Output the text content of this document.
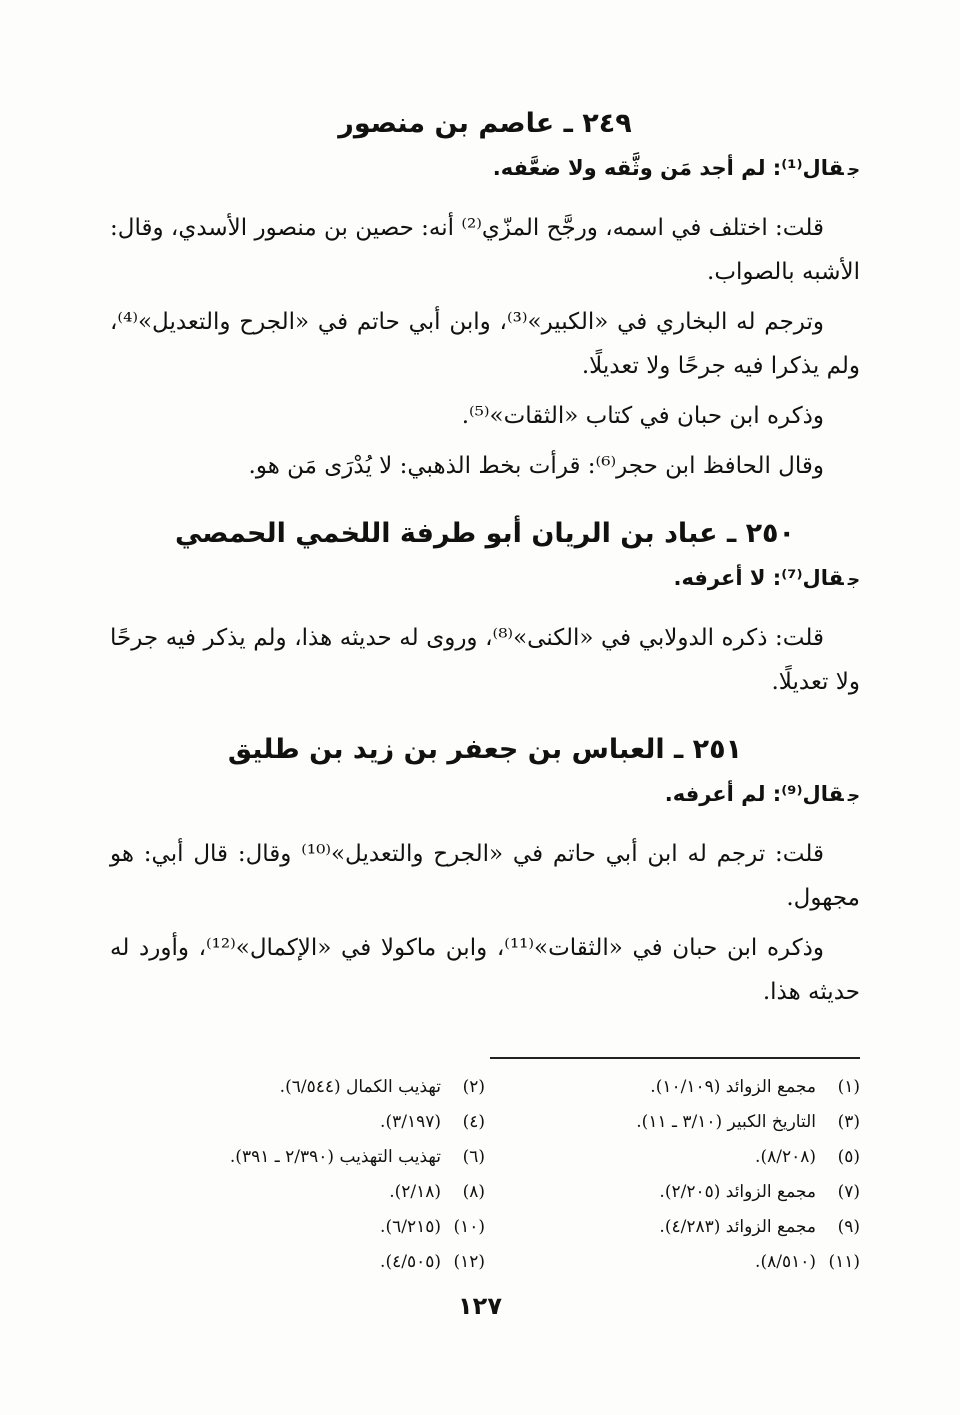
٢٤٩ ـ عاصم بن منصور

جقال⁽¹⁾: لم أجد مَن وثَّقه ولا ضعَّفه.

قلت: اختلف في اسمه، ورجَّح المزّي⁽²⁾ أنه: حصين بن منصور الأسدي، وقال: الأشبه بالصواب.

وترجم له البخاري في «الكبير»⁽³⁾، وابن أبي حاتم في «الجرح والتعديل»⁽⁴⁾، ولم يذكرا فيه جرحًا ولا تعديلًا.

وذكره ابن حبان في كتاب «الثقات»⁽⁵⁾.

وقال الحافظ ابن حجر⁽⁶⁾: قرأت بخط الذهبي: لا يُدْرَى مَن هو.

٢٥٠ ـ عباد بن الريان أبو طرفة اللخمي الحمصي

جقال⁽⁷⁾: لا أعرفه.

قلت: ذكره الدولابي في «الكنى»⁽⁸⁾، وروى له حديثه هذا، ولم يذكر فيه جرحًا ولا تعديلًا.

٢٥١ ـ العباس بن جعفر بن زيد بن طليق

جقال⁽⁹⁾: لم أعرفه.

قلت: ترجم له ابن أبي حاتم في «الجرح والتعديل»⁽¹⁰⁾ وقال: قال أبي: هو مجهول.

وذكره ابن حبان في «الثقات»⁽¹¹⁾، وابن ماكولا في «الإكمال»⁽¹²⁾، وأورد له حديثه هذا.

(١)مجمع الزوائد (١٠/١٠٩).
(٣)التاريخ الكبير (٣/١٠ ـ ١١).
(٥)(٨/٢٠٨).
(٧)مجمع الزوائد (٢/٢٠٥).
(٩)مجمع الزوائد (٤/٢٨٣).
(١١)(٨/٥١٠).
(٢)تهذيب الكمال (٦/٥٤٤).
(٤)(٣/١٩٧).
(٦)تهذيب التهذيب (٢/٣٩٠ ـ ٣٩١).
(٨)(٢/١٨).
(١٠)(٦/٢١٥).
(١٢)(٤/٥٠٥).
١٢٧
